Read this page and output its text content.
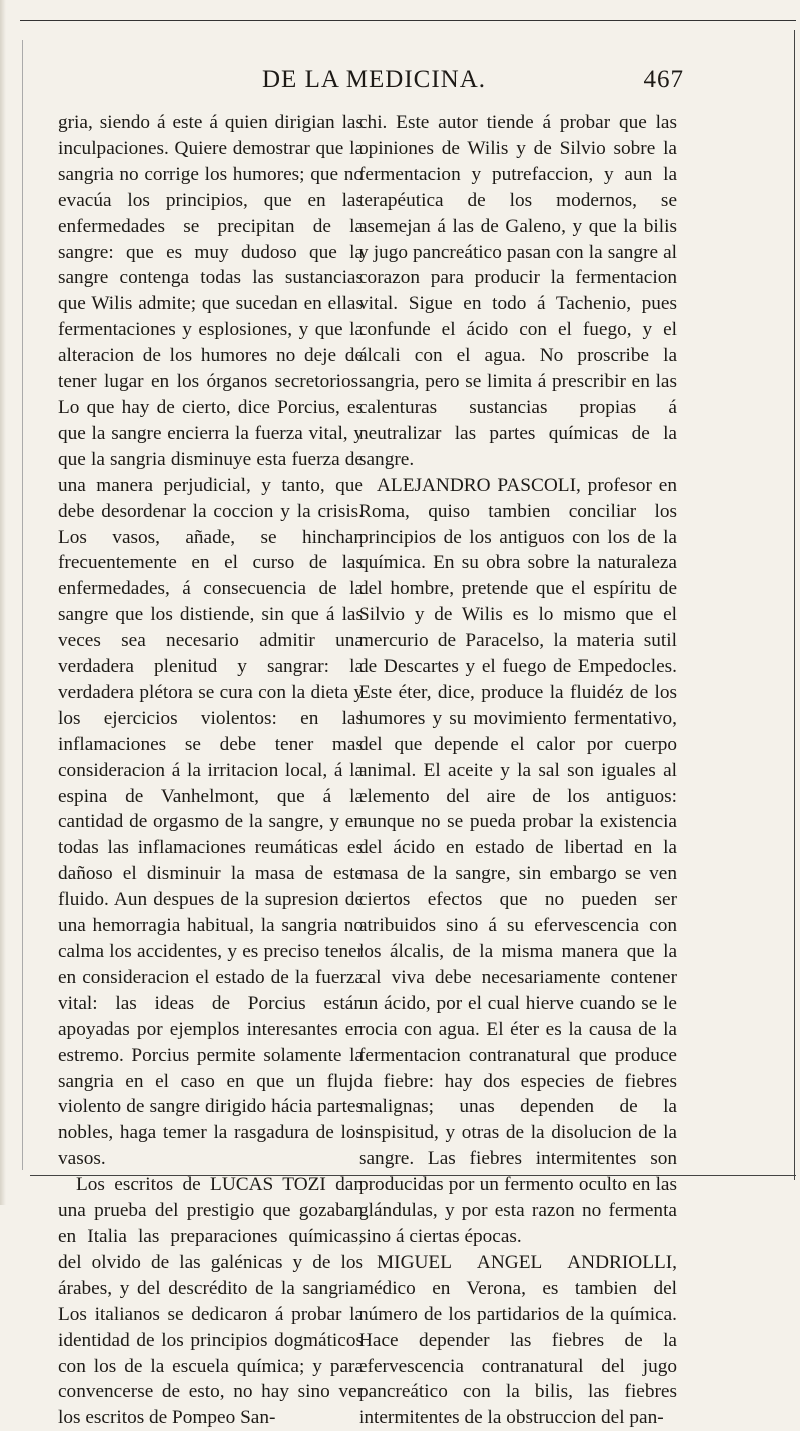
DE LA MEDICINA.	467

gria, siendo á este á quien dirigian las inculpaciones. Quiere demostrar que la sangria no corrige los humores; que no evacúa los principios, que en las enfermedades se precipitan de la sangre: que es muy dudoso que la sangre contenga todas las sustancias que Wilis admite; que sucedan en ellas fermentaciones y esplosiones, y que la alteracion de los humores no deje de tener lugar en los órganos secretorios. Lo que hay de cierto, dice Porcius, es que la sangre encierra la fuerza vital, y que la sangria disminuye esta fuerza de una manera perjudicial, y tanto, que debe desordenar la coccion y la crisis. Los vasos, añade, se hinchan frecuentemente en el curso de las enfermedades, á consecuencia de la sangre que los distiende, sin que á las veces sea necesario admitir una verdadera plenitud y sangrar: la verdadera plétora se cura con la dieta y los ejercicios violentos: en las inflamaciones se debe tener mas consideracion á la irritacion local, á la espina de Vanhelmont, que á la cantidad de orgasmo de la sangre, y en todas las inflamaciones reumáticas es dañoso el disminuir la masa de este fluido. Aun despues de la supresion de una hemorragia habitual, la sangria no calma los accidentes, y es preciso tener en consideracion el estado de la fuerza vital: las ideas de Porcius están apoyadas por ejemplos interesantes en estremo. Porcius permite solamente la sangria en el caso en que un flujo violento de sangre dirigido hácia partes nobles, haga temer la rasgadura de los vasos.

Los escritos de LUCAS TOZI dan una prueba del prestigio que gozaban en Italia las preparaciones químicas, del olvido de las galénicas y de los árabes, y del descrédito de la sangria. Los italianos se dedicaron á probar la identidad de los principios dogmáticos con los de la escuela química; y para convencerse de esto, no hay sino ver los escritos de Pompeo San-

chi. Este autor tiende á probar que las opiniones de Wilis y de Silvio sobre la fermentacion y putrefaccion, y aun la terapéutica de los modernos, se asemejan á las de Galeno, y que la bilis y jugo pancreático pasan con la sangre al corazon para producir la fermentacion vital. Sigue en todo á Tachenio, pues confunde el ácido con el fuego, y el álcali con el agua. No proscribe la sangria, pero se limita á prescribir en las calenturas sustancias propias á neutralizar las partes químicas de la sangre.

ALEJANDRO PASCOLI, profesor en Roma, quiso tambien conciliar los principios de los antiguos con los de la química. En su obra sobre la naturaleza del hombre, pretende que el espíritu de Silvio y de Wilis es lo mismo que el mercurio de Paracelso, la materia sutil de Descartes y el fuego de Empedocles. Este éter, dice, produce la fluidéz de los humores y su movimiento fermentativo, del que depende el calor por cuerpo animal. El aceite y la sal son iguales al elemento del aire de los antiguos: aunque no se pueda probar la existencia del ácido en estado de libertad en la masa de la sangre, sin embargo se ven ciertos efectos que no pueden ser atribuidos sino á su efervescencia con los álcalis, de la misma manera que la cal viva debe necesariamente contener un ácido, por el cual hierve cuando se le rocia con agua. El éter es la causa de la fermentacion contranatural que produce la fiebre: hay dos especies de fiebres malignas; unas dependen de la inspisitud, y otras de la disolucion de la sangre. Las fiebres intermitentes son producidas por un fermento oculto en las glándulas, y por esta razon no fermenta sino á ciertas épocas.

MIGUEL ANGEL ANDRIOLLI, médico en Verona, es tambien del número de los partidarios de la química. Hace depender las fiebres de la efervescencia contranatural del jugo pancreático con la bilis, las fiebres intermitentes de la obstruccion del pan-
